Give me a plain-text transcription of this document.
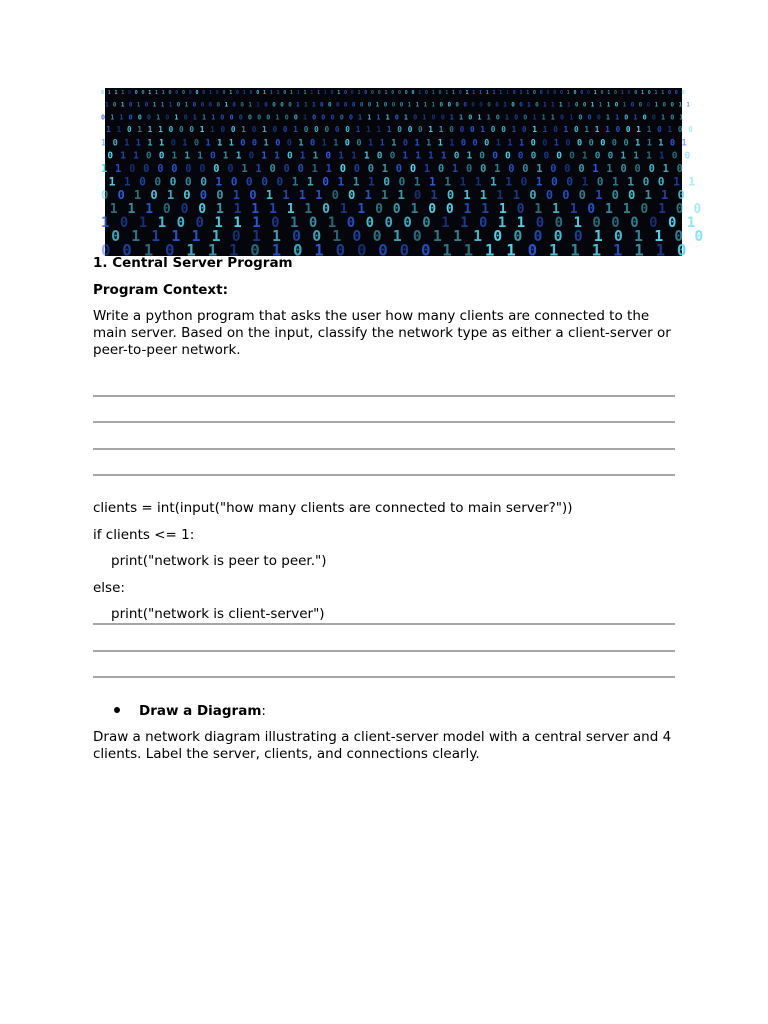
0 1 1 1 0 0 0 1 1 1 0 0 0 0 0 0 1 0 0 1 0 1 0 0 1 1 1 0 1 1 1 1 1 1 0 1 0 0 1 0 0 0 1 0 0 0 0 1 0 1 0 1 1 0 1 1 1 1 1 1 1 0 1 1 0 0 0 0 0 1 0 0 0 1 0 1 0 1 0 0 1 0 1 1 0 0 0
1 0 1 0 1 0 1 1 1 0 1 0 0 0 0 1 0 0 1 1 0 0 0 0 1 1 1 0 0 0 0 0 0 0 1 0 0 0 1 1 1 1 0 0 0 0 0 0 0 0 1 0 0 1 0 1 1 1 1 0 0 1 1 1 0 1 0 0 0 1 0 0 1 1
0 1 1 0 0 0 1 0 1 0 1 1 1 0 0 0 0 0 0 1 0 0 1 0 0 0 0 0 1 1 1 1 0 1 0 1 0 0 1 1 0 1 1 0 1 0 0 1 1 1 0 1 0 0 0 1 1 0 1 0 0 1 0 1
1 1 0 1 1 1 0 0 0 1 1 0 0 1 0 1 0 0 1 0 0 0 0 0 1 1 1 1 0 0 0 1 1 0 0 0 1 0 0 1 0 1 1 0 1 0 1 1 1 0 0 1 1 0 1 0 0
1 0 1 1 1 1 0 1 0 1 1 1 0 0 1 0 0 1 0 1 1 0 0 1 1 1 0 1 1 1 1 0 0 0 1 1 1 0 0 1 0 0 0 0 0 0 1 1 1 0 1
0 1 1 0 0 1 1 1 0 1 1 0 1 1 0 1 1 0 1 1 1 0 0 1 1 1 1 0 1 0 0 0 0 0 0 0 0 1 0 0 1 1 1 1 0 0
1 1 0 0 0 0 0 0 0 0 1 1 0 0 0 1 1 0 0 0 1 0 0 1 0 1 0 0 1 0 0 1 0 0 0 1 1 0 0 0 1 0
1 1 0 0 0 0 0 1 0 0 0 0 1 1 0 1 1 1 0 0 1 1 1 1 1 1 1 0 1 0 0 1 0 1 1 0 0 1 1
0 0 1 0 1 0 0 0 1 0 1 1 1 1 0 0 1 1 1 0 1 0 1 1 1 1 0 0 0 0 1 0 0 1 1 0
1 1 1 0 0 0 1 1 1 1 1 1 0 1 1 0 0 1 0 0 1 1 1 0 1 1 1 0 1 1 0 1 0 0
1 0 1 1 0 0 1 1 1 0 1 0 1 0 0 0 0 0 1 1 0 1 1 0 0 1 0 0 0 0 0 1
0 1 1 1 1 1 0 1 1 0 0 1 0 0 1 0 1 1 1 0 0 0 0 0 1 0 1 1 0 0
0 0 1 0 1 1 1 0 1 0 1 0 0 0 0 0 1 1 1 1 0 1 1 1 1 1 1 0
1. Central Server Program
Program Context:
Write a python program that asks the user how many clients are connected to the main server. Based on the input, classify the network type as either a client-server or peer-to-peer network.
clients = int(input("how many clients are connected to main server?"))
if clients <= 1:
print("network is peer to peer.")
else:
print("network is client-server")
Draw a Diagram:
Draw a network diagram illustrating a client-server model with a central server and 4 clients. Label the server, clients, and connections clearly.
